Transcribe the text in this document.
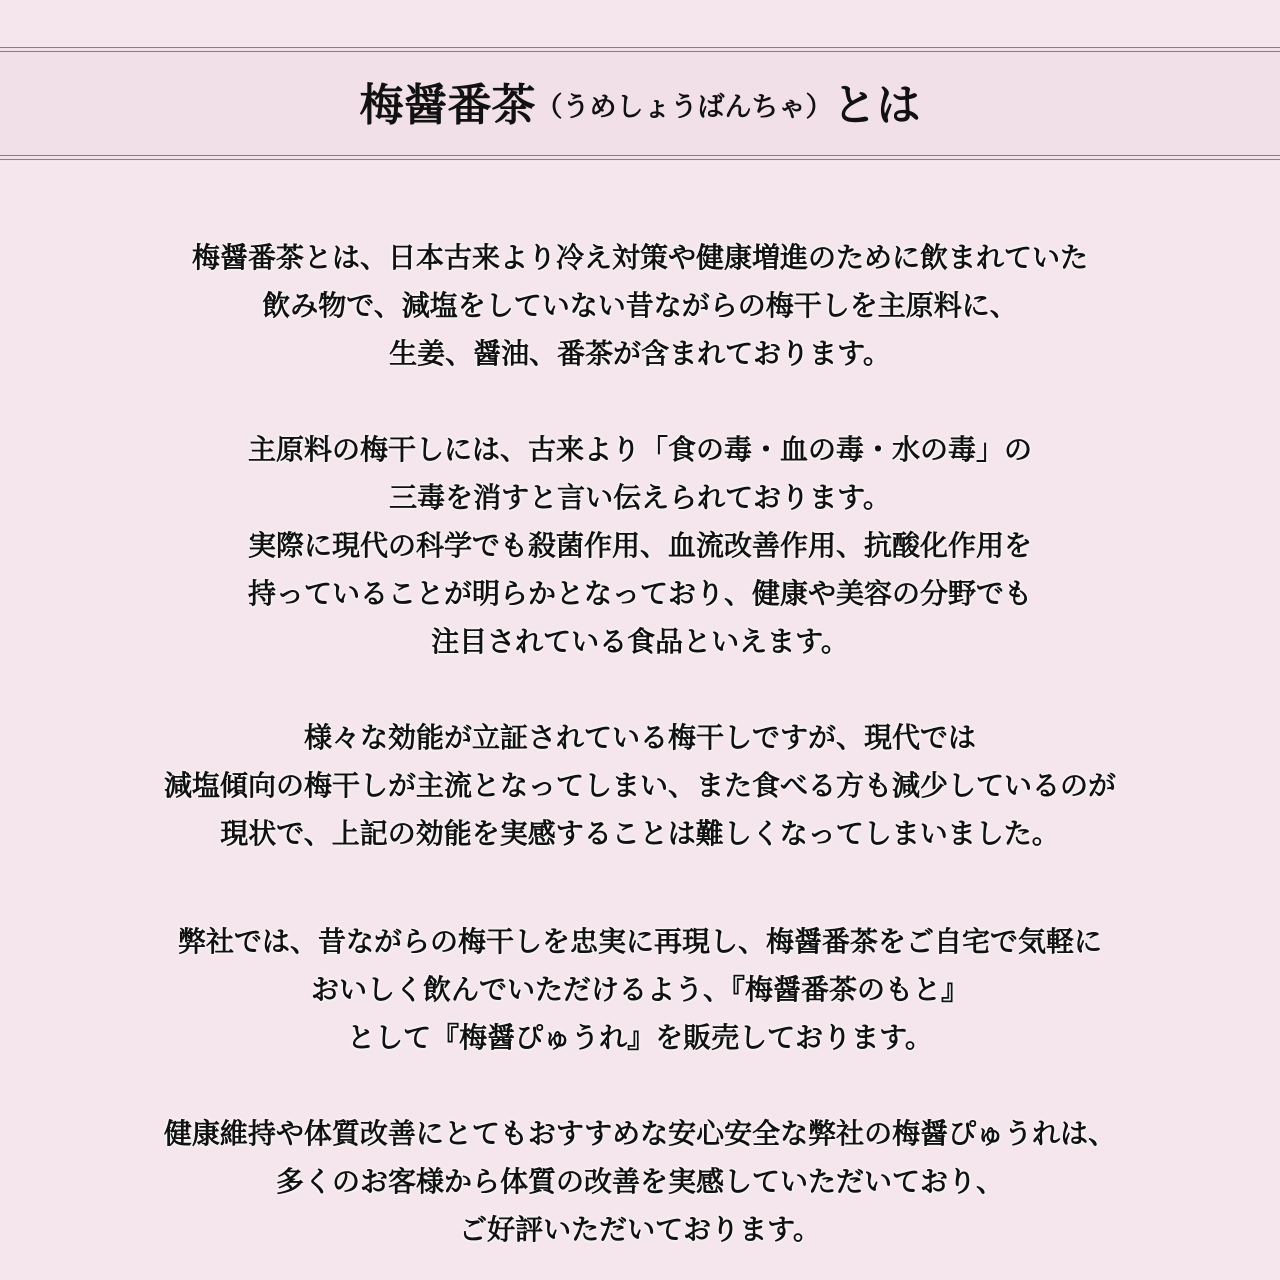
梅醤番茶（うめしょうばんちゃ）とは

梅醤番茶とは、日本古来より冷え対策や健康増進のために飲まれていた
飲み物で、減塩をしていない昔ながらの梅干しを主原料に、
生姜、醤油、番茶が含まれております。

主原料の梅干しには、古来より「食の毒・血の毒・水の毒」の
三毒を消すと言い伝えられております。
実際に現代の科学でも殺菌作用、血流改善作用、抗酸化作用を
持っていることが明らかとなっており、健康や美容の分野でも
注目されている食品といえます。

様々な効能が立証されている梅干しですが、現代では
減塩傾向の梅干しが主流となってしまい、また食べる方も減少しているのが
現状で、上記の効能を実感することは難しくなってしまいました。

弊社では、昔ながらの梅干しを忠実に再現し、梅醤番茶をご自宅で気軽に
おいしく飲んでいただけるよう、『梅醤番茶のもと』
として『梅醤ぴゅうれ』を販売しております。

健康維持や体質改善にとてもおすすめな安心安全な弊社の梅醤ぴゅうれは、
多くのお客様から体質の改善を実感していただいており、
ご好評いただいております。
